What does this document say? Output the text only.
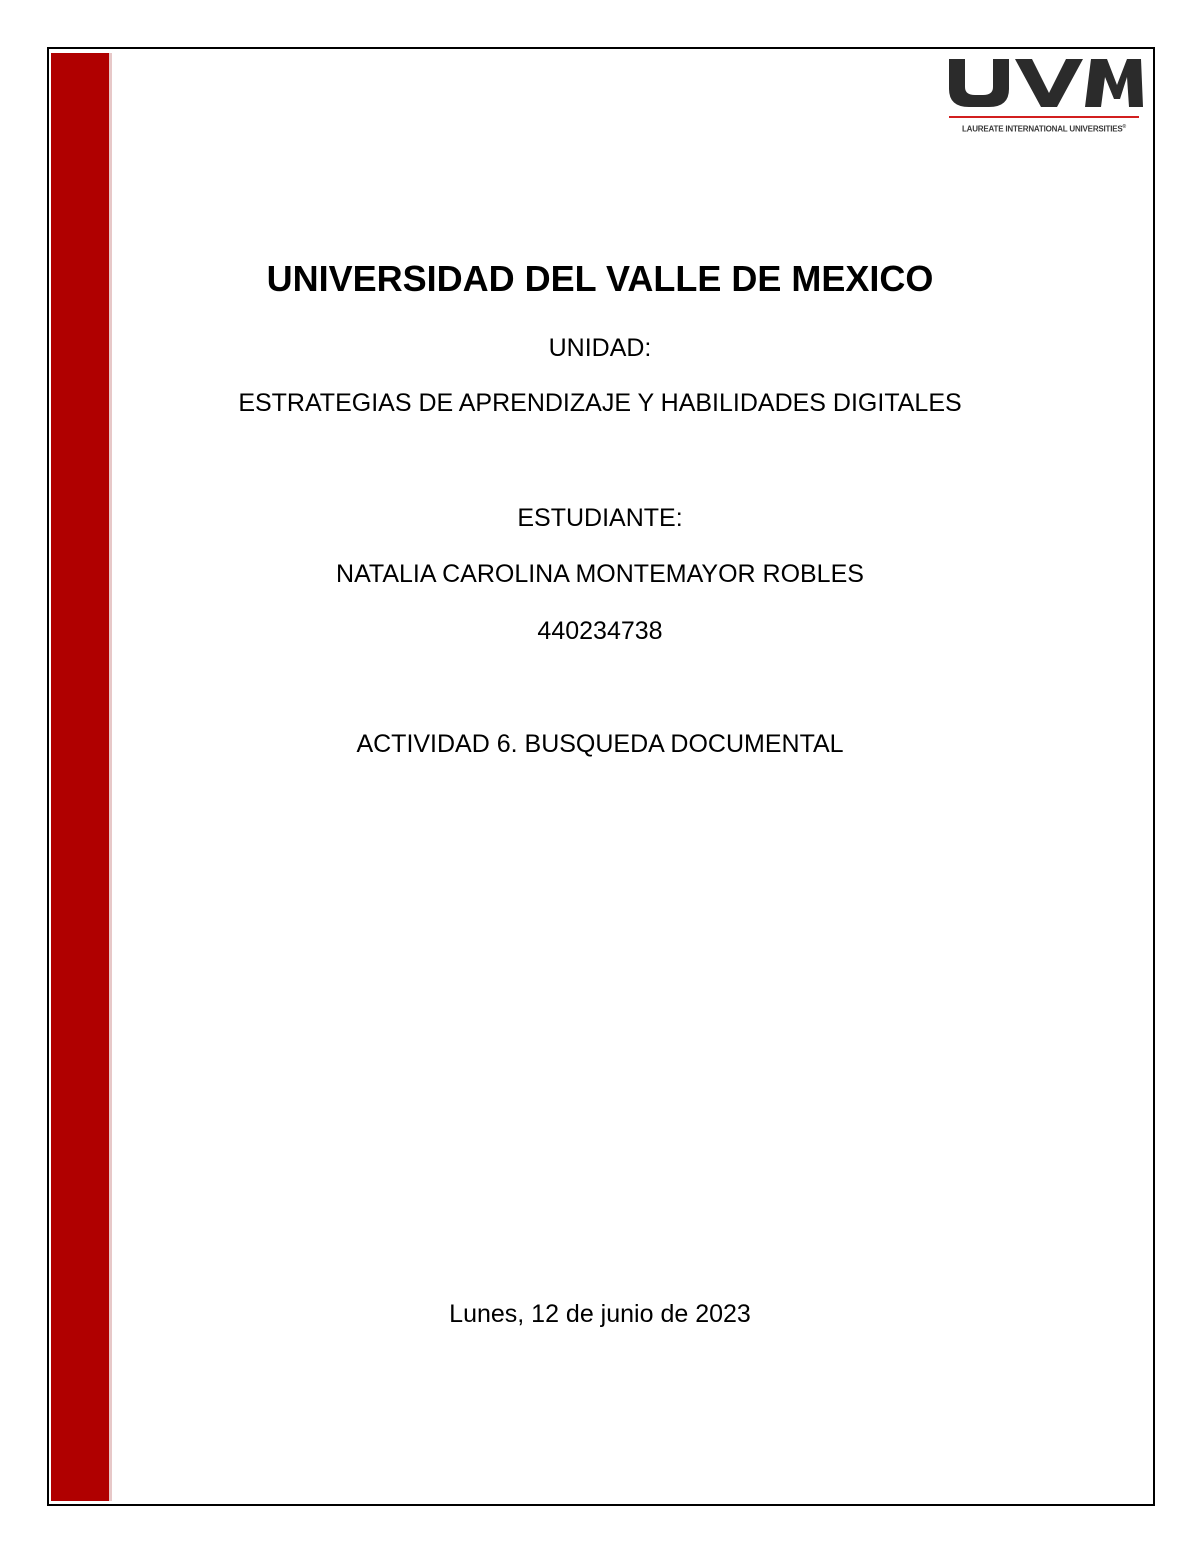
LAUREATE INTERNATIONAL UNIVERSITIES®
UNIVERSIDAD DEL VALLE DE MEXICO
UNIDAD:
ESTRATEGIAS DE APRENDIZAJE Y HABILIDADES DIGITALES
ESTUDIANTE:
NATALIA CAROLINA MONTEMAYOR ROBLES
440234738
ACTIVIDAD 6. BUSQUEDA DOCUMENTAL
Lunes, 12 de junio de 2023
